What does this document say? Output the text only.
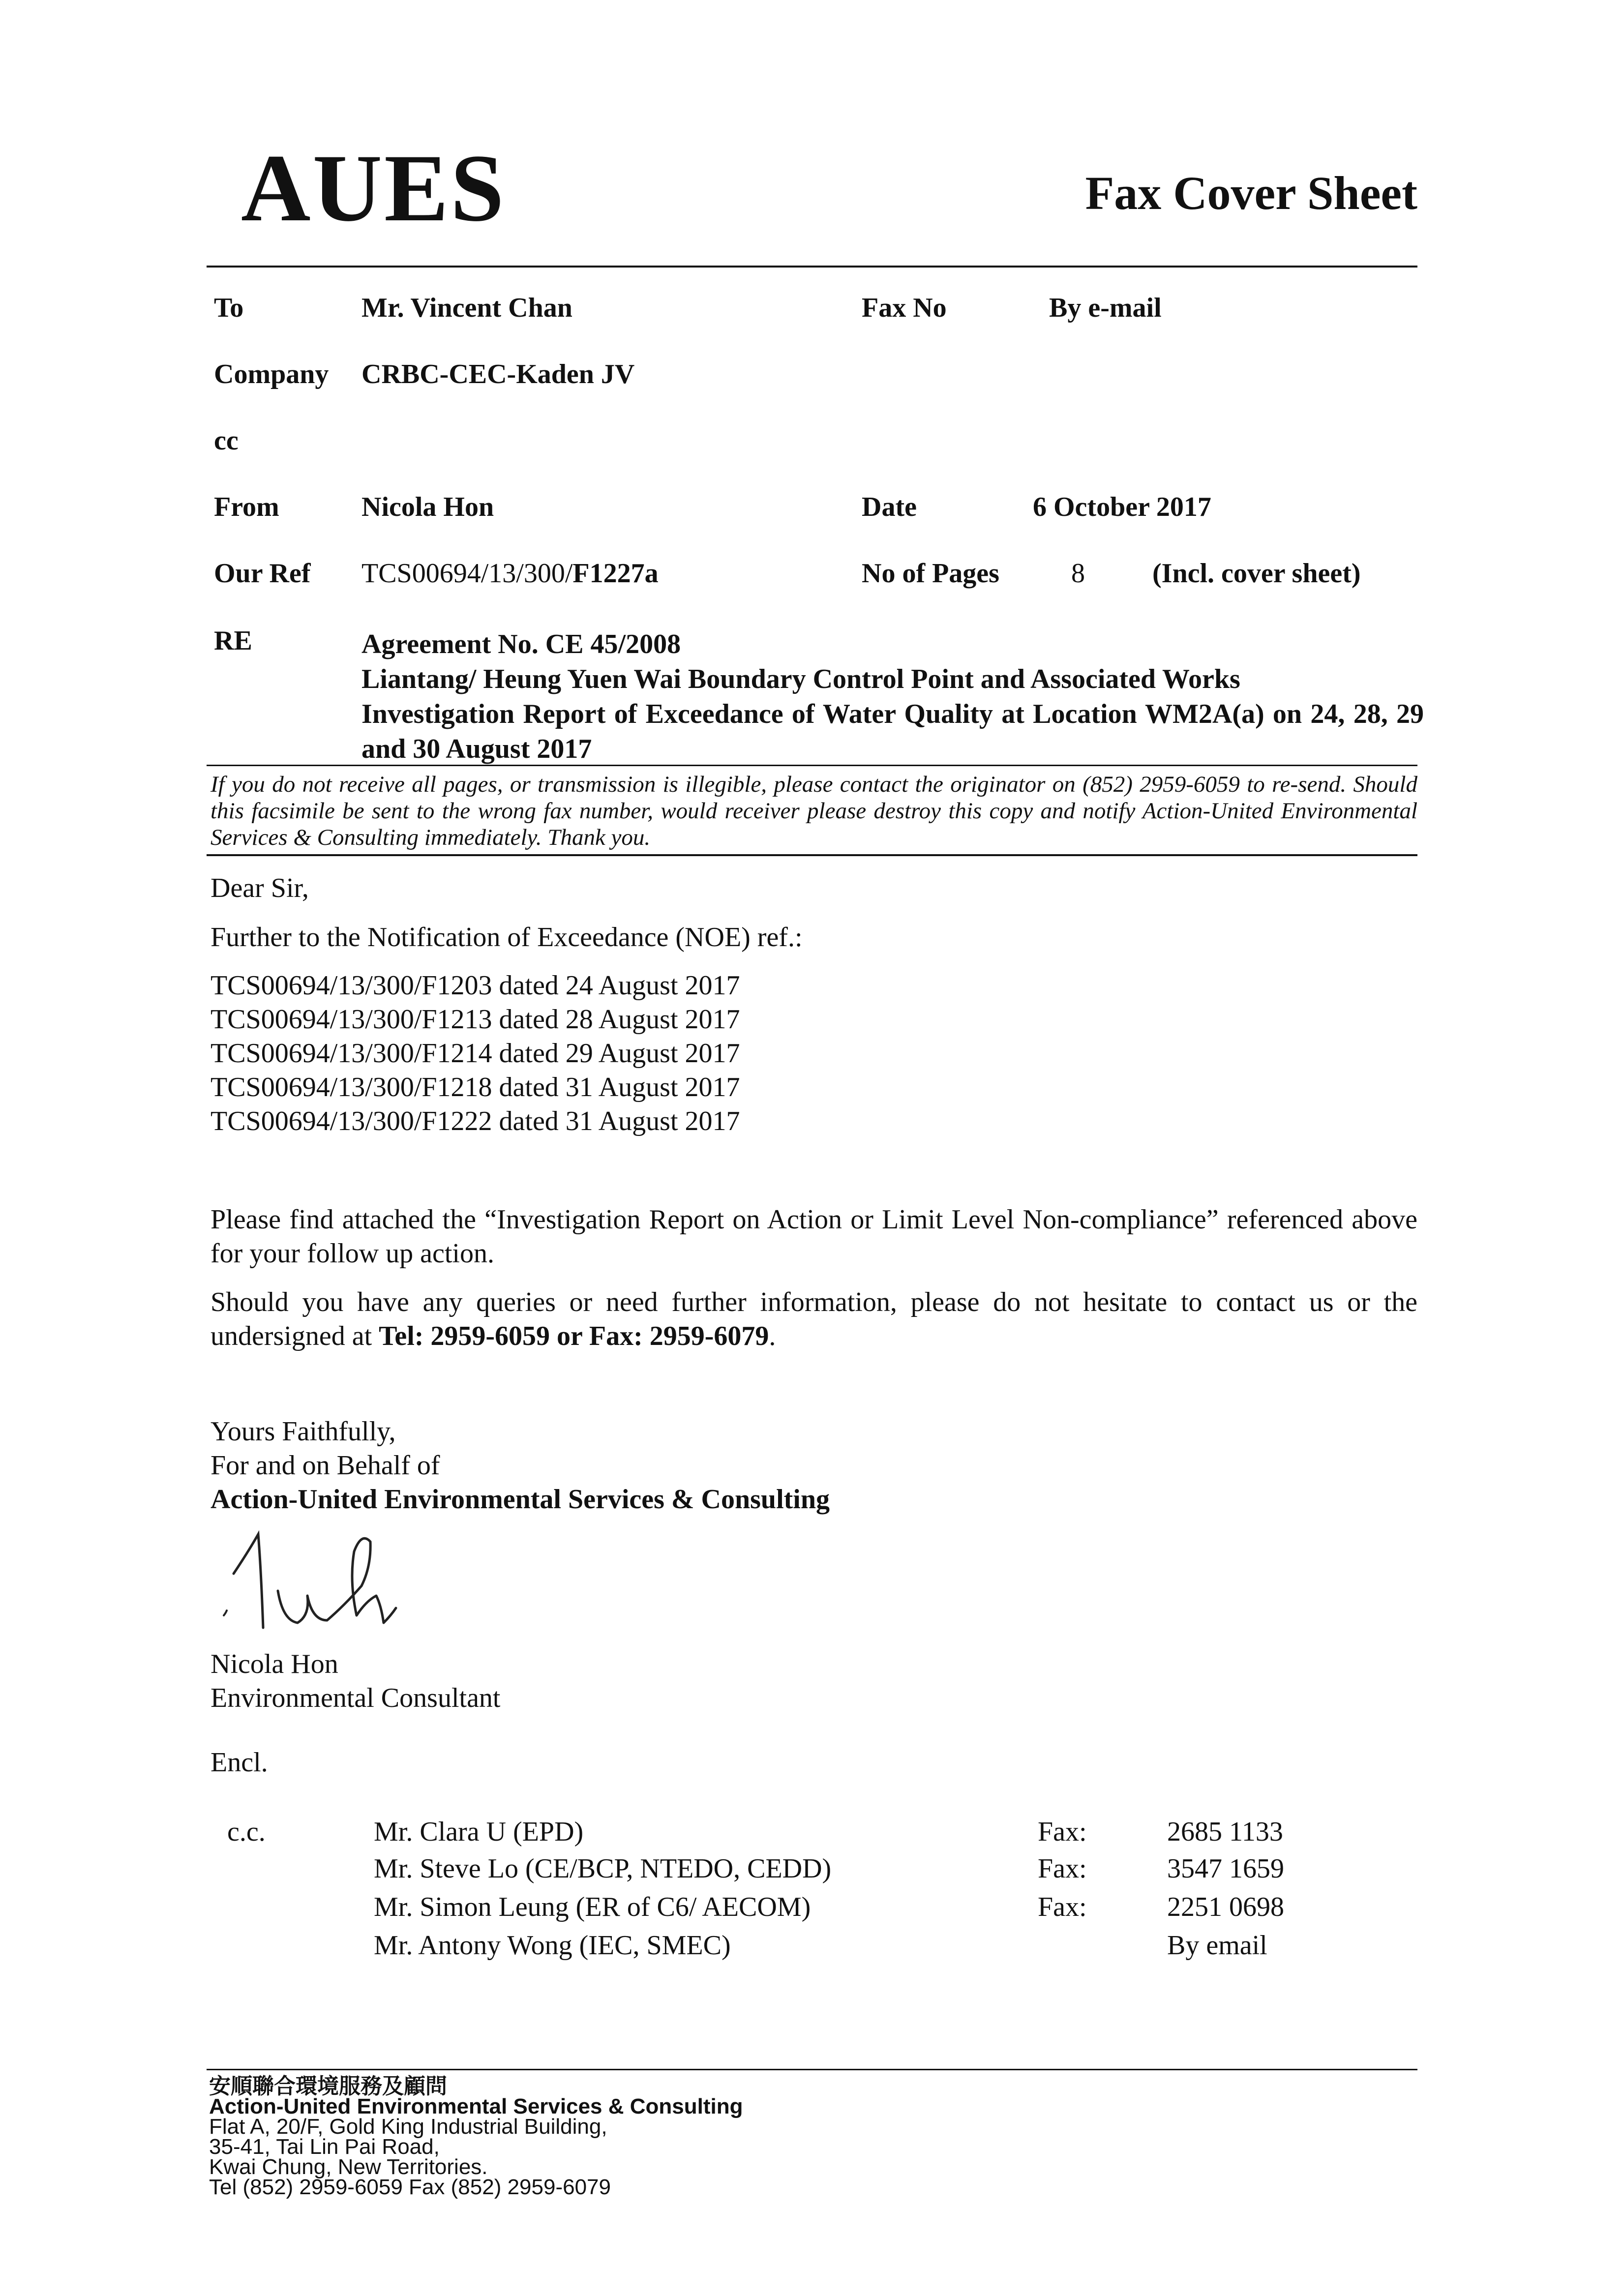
AUES	Fax Cover Sheet
To	Mr. Vincent Chan	Fax No	By e-mail
Company CRBC-CEC-Kaden JV
cc
From	Nicola Hon	Date	6 October 2017
Our Ref TCS00694/13/300/F1227a	No of Pages	8 (Incl. cover sheet)
RE	Agreement No. CE 45/2008
Liantang/ Heung Yuen Wai Boundary Control Point and Associated Works
Investigation Report of Exceedance of Water Quality at Location WM2A(a) on 24, 28, 29 and 30 August 2017
If you do not receive all pages, or transmission is illegible, please contact the originator on (852) 2959-6059 to re-send. Should this facsimile be sent to the wrong fax number, would receiver please destroy this copy and notify Action-United Environmental Services & Consulting immediately. Thank you.
Dear Sir,
Further to the Notification of Exceedance (NOE) ref.:
TCS00694/13/300/F1203 dated 24 August 2017
TCS00694/13/300/F1213 dated 28 August 2017
TCS00694/13/300/F1214 dated 29 August 2017
TCS00694/13/300/F1218 dated 31 August 2017
TCS00694/13/300/F1222 dated 31 August 2017
Please find attached the “Investigation Report on Action or Limit Level Non-compliance” referenced above for your follow up action.
Should you have any queries or need further information, please do not hesitate to contact us or the undersigned at Tel: 2959-6059 or Fax: 2959-6079.
Yours Faithfully,
For and on Behalf of
Action-United Environmental Services & Consulting
Nicola Hon
Environmental Consultant
Encl.
c.c.	Mr. Clara U (EPD)	Fax:	2685 1133
Mr. Steve Lo (CE/BCP, NTEDO, CEDD)	Fax:	3547 1659
Mr. Simon Leung (ER of C6/ AECOM)	Fax:	2251 0698
Mr. Antony Wong (IEC, SMEC)	By email
安順聯合環境服務及顧問
Action-United Environmental Services & Consulting
Flat A, 20/F, Gold King Industrial Building,
35-41, Tai Lin Pai Road,
Kwai Chung, New Territories.
Tel (852) 2959-6059 Fax (852) 2959-6079
